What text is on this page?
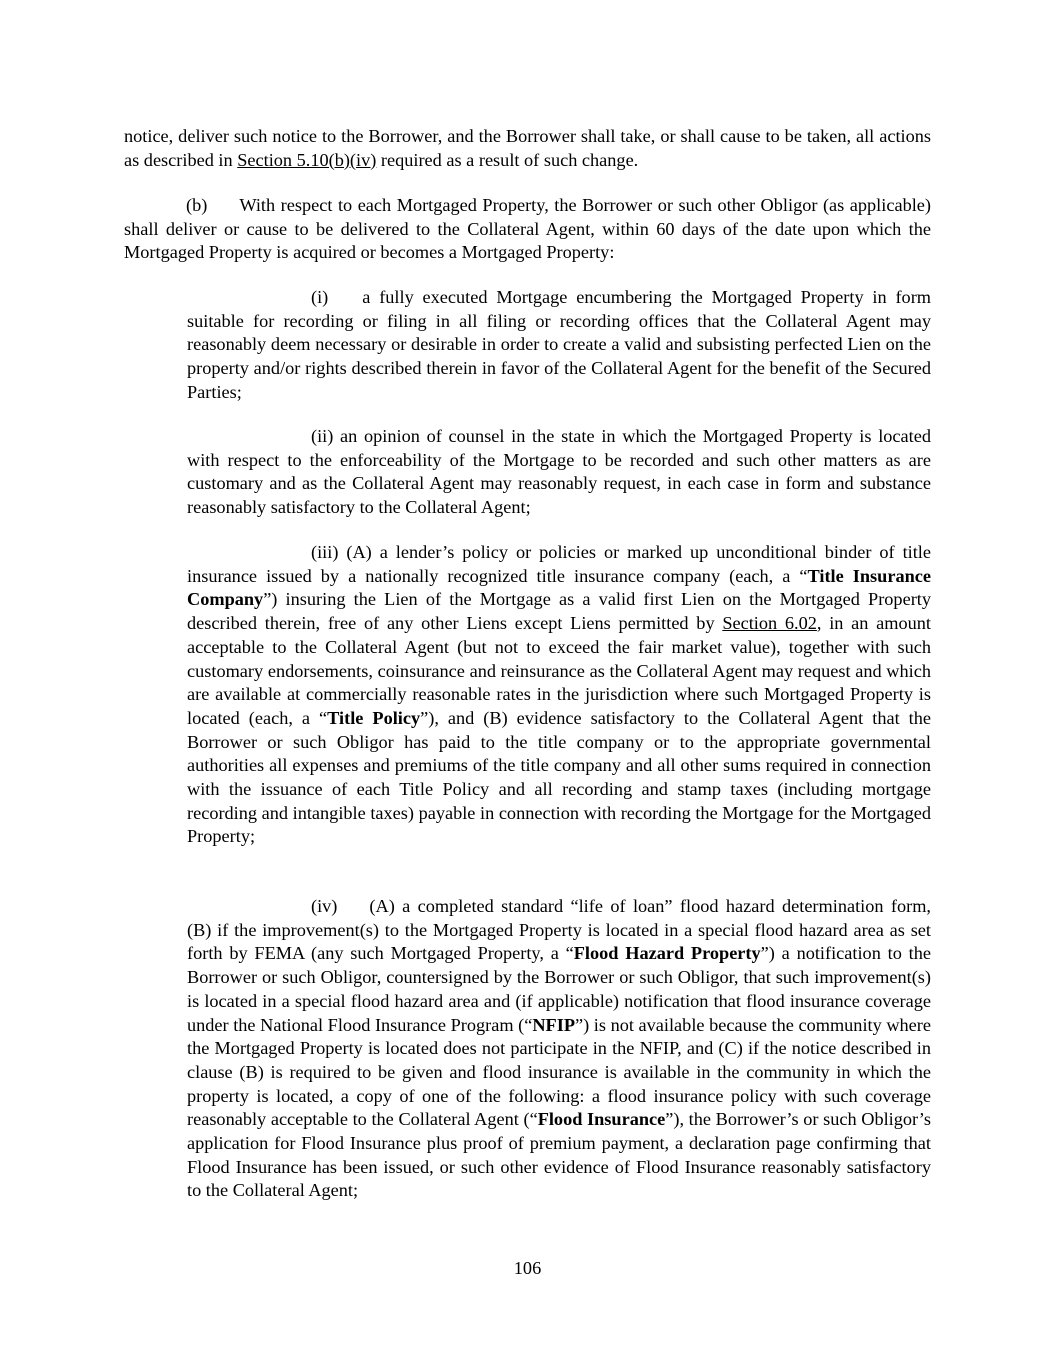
notice, deliver such notice to the Borrower, and the Borrower shall take, or shall cause to be taken, all actions as described in Section 5.10(b)(iv) required as a result of such change.

(b) With respect to each Mortgaged Property, the Borrower or such other Obligor (as applicable) shall deliver or cause to be delivered to the Collateral Agent, within 60 days of the date upon which the Mortgaged Property is acquired or becomes a Mortgaged Property:

(i) a fully executed Mortgage encumbering the Mortgaged Property in form suitable for recording or filing in all filing or recording offices that the Collateral Agent may reasonably deem necessary or desirable in order to create a valid and subsisting perfected Lien on the property and/or rights described therein in favor of the Collateral Agent for the benefit of the Secured Parties;

(ii) an opinion of counsel in the state in which the Mortgaged Property is located with respect to the enforceability of the Mortgage to be recorded and such other matters as are customary and as the Collateral Agent may reasonably request, in each case in form and substance reasonably satisfactory to the Collateral Agent;

(iii) (A) a lender’s policy or policies or marked up unconditional binder of title insurance issued by a nationally recognized title insurance company (each, a “Title Insurance Company”) insuring the Lien of the Mortgage as a valid first Lien on the Mortgaged Property described therein, free of any other Liens except Liens permitted by Section 6.02, in an amount acceptable to the Collateral Agent (but not to exceed the fair market value), together with such customary endorsements, coinsurance and reinsurance as the Collateral Agent may request and which are available at commercially reasonable rates in the jurisdiction where such Mortgaged Property is located (each, a “Title Policy”), and (B) evidence satisfactory to the Collateral Agent that the Borrower or such Obligor has paid to the title company or to the appropriate governmental authorities all expenses and premiums of the title company and all other sums required in connection with the issuance of each Title Policy and all recording and stamp taxes (including mortgage recording and intangible taxes) payable in connection with recording the Mortgage for the Mortgaged Property;

(iv) (A) a completed standard “life of loan” flood hazard determination form, (B) if the improvement(s) to the Mortgaged Property is located in a special flood hazard area as set forth by FEMA (any such Mortgaged Property, a “Flood Hazard Property”) a notification to the Borrower or such Obligor, countersigned by the Borrower or such Obligor, that such improvement(s) is located in a special flood hazard area and (if applicable) notification that flood insurance coverage under the National Flood Insurance Program (“NFIP”) is not available because the community where the Mortgaged Property is located does not participate in the NFIP, and (C) if the notice described in clause (B) is required to be given and flood insurance is available in the community in which the property is located, a copy of one of the following: a flood insurance policy with such coverage reasonably acceptable to the Collateral Agent (“Flood Insurance”), the Borrower’s or such Obligor’s application for Flood Insurance plus proof of premium payment, a declaration page confirming that Flood Insurance has been issued, or such other evidence of Flood Insurance reasonably satisfactory to the Collateral Agent;

106
